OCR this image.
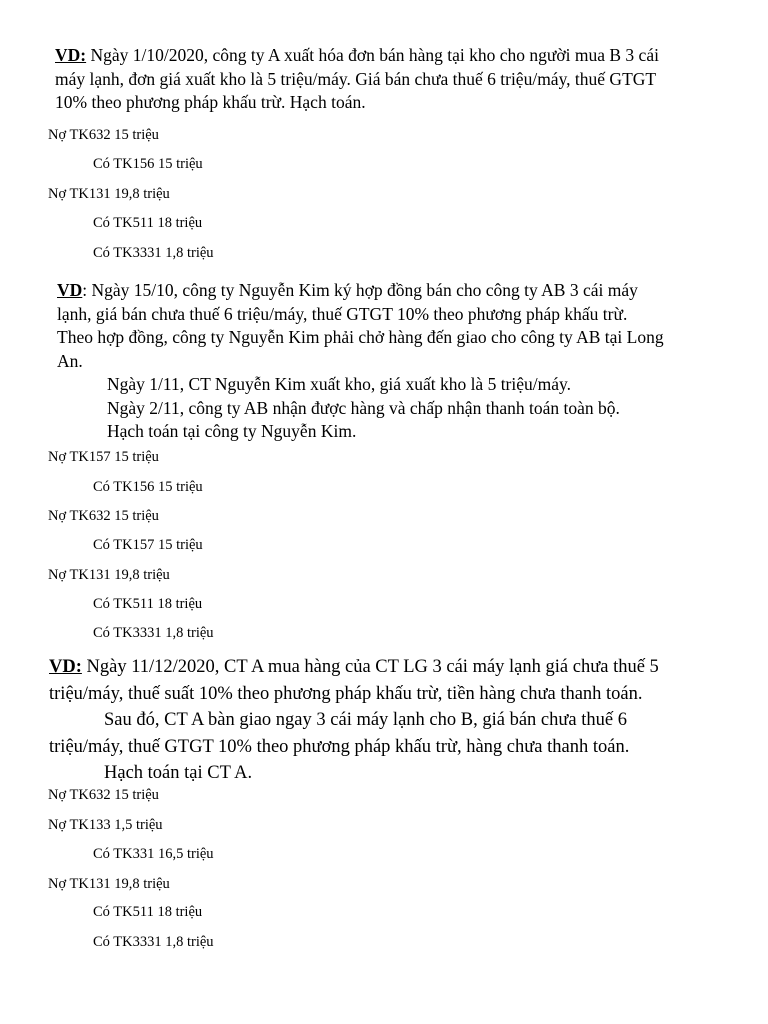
VD: Ngày 1/10/2020, công ty A xuất hóa đơn bán hàng tại kho cho người mua B 3 cái
máy lạnh, đơn giá xuất kho là 5 triệu/máy. Giá bán chưa thuế 6 triệu/máy, thuế GTGT
10% theo phương pháp khấu trừ. Hạch toán.
Nợ TK632 15 triệu
Có TK156 15 triệu
Nợ TK131 19,8 triệu
Có TK511 18 triệu
Có TK3331 1,8 triệu
VD: Ngày 15/10, công ty Nguyễn Kim ký hợp đồng bán cho công ty AB 3 cái máy
lạnh, giá bán chưa thuế 6 triệu/máy, thuế GTGT 10% theo phương pháp khấu trừ.
Theo hợp đồng, công ty Nguyễn Kim phải chở hàng đến giao cho công ty AB tại Long
An.
Ngày 1/11, CT Nguyễn Kim xuất kho, giá xuất kho là 5 triệu/máy.
Ngày 2/11, công ty AB nhận được hàng và chấp nhận thanh toán toàn bộ.
Hạch toán tại công ty Nguyễn Kim.
Nợ TK157 15 triệu
Có TK156 15 triệu
Nợ TK632 15 triệu
Có TK157 15 triệu
Nợ TK131 19,8 triệu
Có TK511 18 triệu
Có TK3331 1,8 triệu
VD: Ngày 11/12/2020, CT A mua hàng của CT LG 3 cái máy lạnh giá chưa thuế 5
triệu/máy, thuế suất 10% theo phương pháp khấu trừ, tiền hàng chưa thanh toán.
Sau đó, CT A bàn giao ngay 3 cái máy lạnh cho B, giá bán chưa thuế 6
triệu/máy, thuế GTGT 10% theo phương pháp khấu trừ, hàng chưa thanh toán.
Hạch toán tại CT A.
Nợ TK632 15 triệu
Nợ TK133 1,5 triệu
Có TK331 16,5 triệu
Nợ TK131 19,8 triệu
Có TK511 18 triệu
Có TK3331 1,8 triệu
